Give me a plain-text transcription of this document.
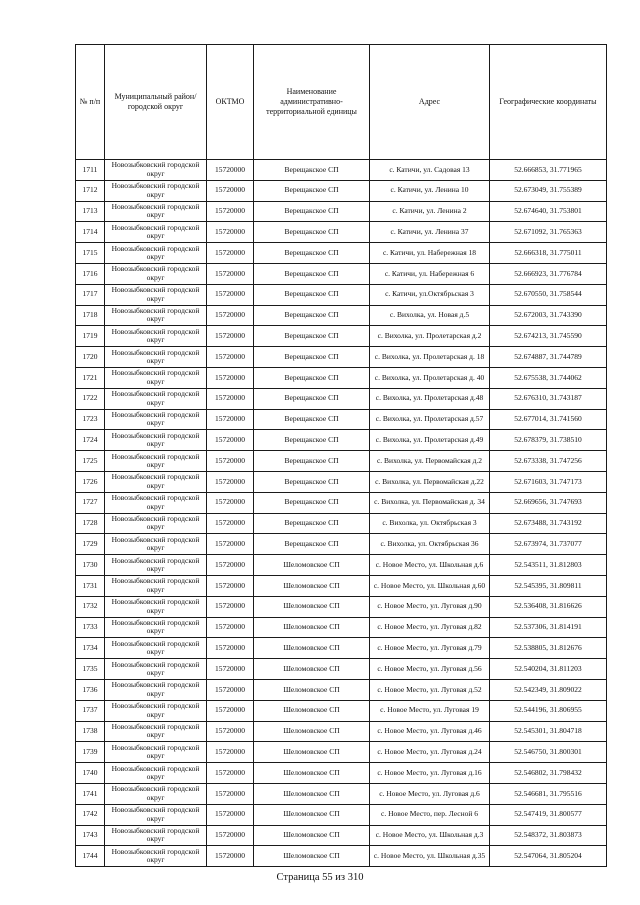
№ п/п	Муниципальный район/городской округ	ОКТМО	Наименование административно-территориальной единицы	Адрес	Географические координаты
1711	Новозыбковский городской округ	15720000	Верещакское СП	с. Катичи, ул. Садовая 13	52.666853, 31.771965
1712	Новозыбковский городской округ	15720000	Верещакское СП	с. Катичи, ул. Ленина 10	52.673049, 31.755389
1713	Новозыбковский городской округ	15720000	Верещакское СП	с. Катичи, ул. Ленина 2	52.674640, 31.753801
1714	Новозыбковский городской округ	15720000	Верещакское СП	с. Катичи, ул. Ленина 37	52.671092, 31.765363
1715	Новозыбковский городской округ	15720000	Верещакское СП	с. Катичи, ул. Набережная 18	52.666318, 31.775011
1716	Новозыбковский городской округ	15720000	Верещакское СП	с. Катичи, ул. Набережная 6	52.666923, 31.776784
1717	Новозыбковский городской округ	15720000	Верещакское СП	с. Катичи, ул.Октябрьская 3	52.670550, 31.758544
1718	Новозыбковский городской округ	15720000	Верещакское СП	с. Вихолка, ул. Новая д.5	52.672003, 31.743390
1719	Новозыбковский городской округ	15720000	Верещакское СП	с. Вихолка, ул. Пролетарская д.2	52.674213, 31.745590
1720	Новозыбковский городской округ	15720000	Верещакское СП	с. Вихолка, ул. Пролетарская д. 18	52.674887, 31.744789
1721	Новозыбковский городской округ	15720000	Верещакское СП	с. Вихолка, ул. Пролетарская д. 40	52.675538, 31.744062
1722	Новозыбковский городской округ	15720000	Верещакское СП	с. Вихолка, ул. Пролетарская д.48	52.676310, 31.743187
1723	Новозыбковский городской округ	15720000	Верещакское СП	с. Вихолка, ул. Пролетарская д.57	52.677014, 31.741560
1724	Новозыбковский городской округ	15720000	Верещакское СП	с. Вихолка, ул. Пролетарская д.49	52.678379, 31.738510
1725	Новозыбковский городской округ	15720000	Верещакское СП	с. Вихолка, ул. Первомайская д.2	52.673338, 31.747256
1726	Новозыбковский городской округ	15720000	Верещакское СП	с. Вихолка, ул. Первомайская д.22	52.671603, 31.747173
1727	Новозыбковский городской округ	15720000	Верещакское СП	с. Вихолка, ул. Первомайская д. 34	52.669656, 31.747693
1728	Новозыбковский городской округ	15720000	Верещакское СП	с. Вихолка, ул. Октябрьская 3	52.673488, 31.743192
1729	Новозыбковский городской округ	15720000	Верещакское СП	с. Вихолка, ул. Октябрьская 36	52.673974, 31.737077
1730	Новозыбковский городской округ	15720000	Шеломовское СП	с. Новое Место, ул. Школьная д.6	52.543511, 31.812803
1731	Новозыбковский городской округ	15720000	Шеломовское СП	с. Новое Место, ул. Школьная д.60	52.545395, 31.809811
1732	Новозыбковский городской округ	15720000	Шеломовское СП	с. Новое Место, ул. Луговая д.90	52.536408, 31.816626
1733	Новозыбковский городской округ	15720000	Шеломовское СП	с. Новое Место, ул. Луговая д.82	52.537306, 31.814191
1734	Новозыбковский городской округ	15720000	Шеломовское СП	с. Новое Место, ул. Луговая д.79	52.538805, 31.812676
1735	Новозыбковский городской округ	15720000	Шеломовское СП	с. Новое Место, ул. Луговая д.56	52.540204, 31.811203
1736	Новозыбковский городской округ	15720000	Шеломовское СП	с. Новое Место, ул. Луговая д.52	52.542349, 31.809022
1737	Новозыбковский городской округ	15720000	Шеломовское СП	с. Новое Место, ул. Луговая 19	52.544196, 31.806955
1738	Новозыбковский городской округ	15720000	Шеломовское СП	с. Новое Место, ул. Луговая д.46	52.545301, 31.804718
1739	Новозыбковский городской округ	15720000	Шеломовское СП	с. Новое Место, ул. Луговая д.24	52.546750, 31.800301
1740	Новозыбковский городской округ	15720000	Шеломовское СП	с. Новое Место, ул. Луговая д.16	52.546802, 31.798432
1741	Новозыбковский городской округ	15720000	Шеломовское СП	с. Новое Место, ул. Луговая д.6	52.546681, 31.795516
1742	Новозыбковский городской округ	15720000	Шеломовское СП	с. Новое Место, пер. Лесной 6	52.547419, 31.800577
1743	Новозыбковский городской округ	15720000	Шеломовское СП	с. Новое Место, ул. Школьная д.3	52.548372, 31.803873
1744	Новозыбковский городской округ	15720000	Шеломовское СП	с. Новое Место, ул. Школьная д.35	52.547064, 31.805204
Страница 55 из 310
